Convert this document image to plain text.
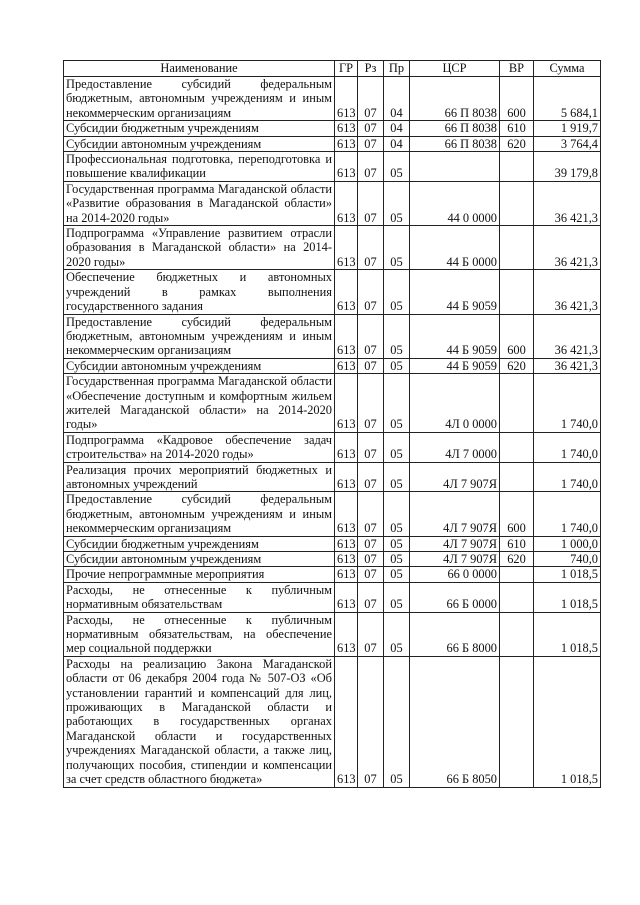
Наименование	ГР	Рз	Пр	ЦСР	ВР	Сумма
Предоставление субсидий федеральным бюджетным, автономным учреждениям и иным некоммерческим организациям	613	07	04	66 П 8038	600	5 684,1
Субсидии бюджетным учреждениям	613	07	04	66 П 8038	610	1 919,7
Субсидии автономным учреждениям	613	07	04	66 П 8038	620	3 764,4
Профессиональная подготовка, переподготовка и повышение квалификации	613	07	05			39 179,8
Государственная программа Магаданской области «Развитие образования в Магаданской области» на 2014-2020 годы»	613	07	05	44 0 0000		36 421,3
Подпрограмма «Управление развитием отрасли образования в Магаданской области» на 2014-2020 годы»	613	07	05	44 Б 0000		36 421,3
Обеспечение бюджетных и автономных учреждений в рамках выполнения государственного задания	613	07	05	44 Б 9059		36 421,3
Предоставление субсидий федеральным бюджетным, автономным учреждениям и иным некоммерческим организациям	613	07	05	44 Б 9059	600	36 421,3
Субсидии автономным учреждениям	613	07	05	44 Б 9059	620	36 421,3
Государственная программа Магаданской области «Обеспечение доступным и комфортным жильем жителей Магаданской области» на 2014-2020 годы»	613	07	05	4Л 0 0000		1 740,0
Подпрограмма «Кадровое обеспечение задач строительства» на 2014-2020 годы»	613	07	05	4Л 7 0000		1 740,0
Реализация прочих мероприятий бюджетных и автономных учреждений	613	07	05	4Л 7 907Я		1 740,0
Предоставление субсидий федеральным бюджетным, автономным учреждениям и иным некоммерческим организациям	613	07	05	4Л 7 907Я	600	1 740,0
Субсидии бюджетным учреждениям	613	07	05	4Л 7 907Я	610	1 000,0
Субсидии автономным учреждениям	613	07	05	4Л 7 907Я	620	740,0
Прочие непрограммные мероприятия	613	07	05	66 0 0000		1 018,5
Расходы, не отнесенные к публичным нормативным обязательствам	613	07	05	66 Б 0000		1 018,5
Расходы, не отнесенные к публичным нормативным обязательствам, на обеспечение мер социальной поддержки	613	07	05	66 Б 8000		1 018,5
Расходы на реализацию Закона Магаданской области от 06 декабря 2004 года № 507-ОЗ «Об установлении гарантий и компенсаций для лиц, проживающих в Магаданской области и работающих в государственных органах Магаданской области и государственных учреждениях Магаданской области, а также лиц, получающих пособия, стипендии и компенсации за счет средств областного бюджета»	613	07	05	66 Б 8050		1 018,5
